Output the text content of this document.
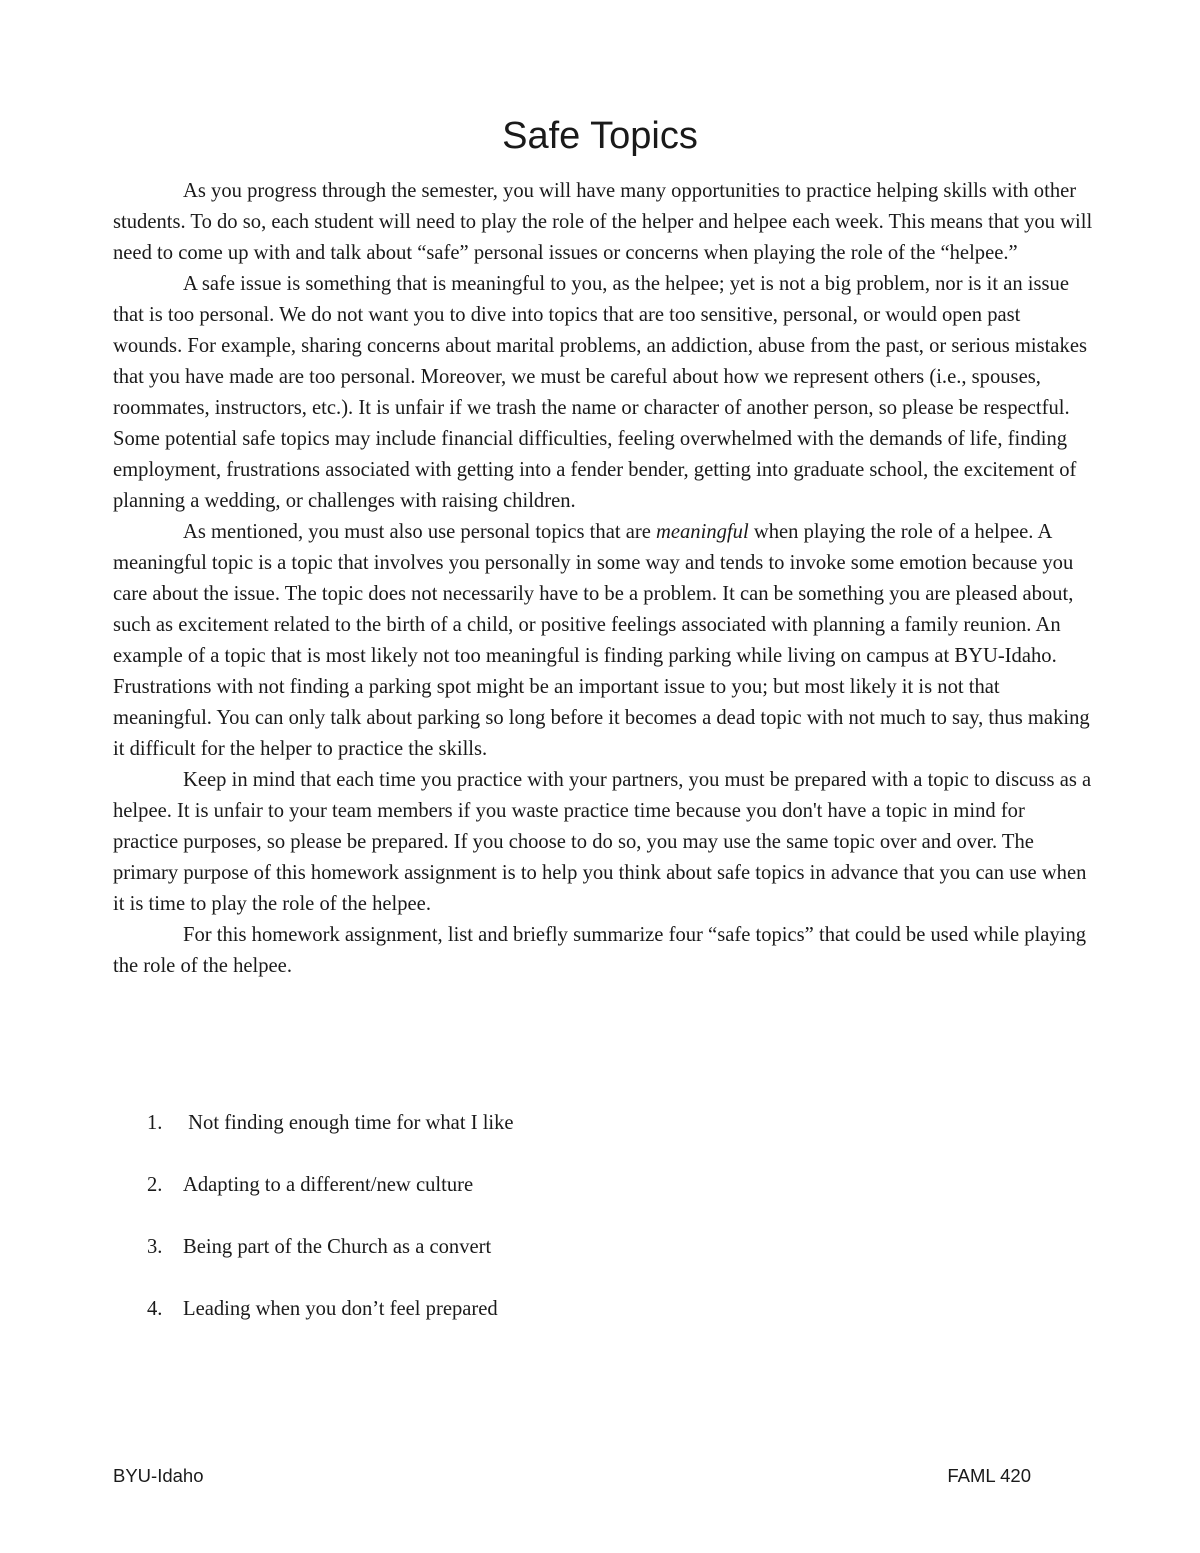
Safe Topics

As you progress through the semester, you will have many opportunities to practice helping skills with other students. To do so, each student will need to play the role of the helper and helpee each week. This means that you will need to come up with and talk about “safe” personal issues or concerns when playing the role of the “helpee.”

A safe issue is something that is meaningful to you, as the helpee; yet is not a big problem, nor is it an issue that is too personal. We do not want you to dive into topics that are too sensitive, personal, or would open past wounds. For example, sharing concerns about marital problems, an addiction, abuse from the past, or serious mistakes that you have made are too personal. Moreover, we must be careful about how we represent others (i.e., spouses, roommates, instructors, etc.). It is unfair if we trash the name or character of another person, so please be respectful. Some potential safe topics may include financial difficulties, feeling overwhelmed with the demands of life, finding employment, frustrations associated with getting into a fender bender, getting into graduate school, the excitement of planning a wedding, or challenges with raising children.

As mentioned, you must also use personal topics that are meaningful when playing the role of a helpee. A meaningful topic is a topic that involves you personally in some way and tends to invoke some emotion because you care about the issue. The topic does not necessarily have to be a problem. It can be something you are pleased about, such as excitement related to the birth of a child, or positive feelings associated with planning a family reunion. An example of a topic that is most likely not too meaningful is finding parking while living on campus at BYU-Idaho. Frustrations with not finding a parking spot might be an important issue to you; but most likely it is not that meaningful. You can only talk about parking so long before it becomes a dead topic with not much to say, thus making it difficult for the helper to practice the skills.

Keep in mind that each time you practice with your partners, you must be prepared with a topic to discuss as a helpee. It is unfair to your team members if you waste practice time because you don't have a topic in mind for practice purposes, so please be prepared. If you choose to do so, you may use the same topic over and over. The primary purpose of this homework assignment is to help you think about safe topics in advance that you can use when it is time to play the role of the helpee.

For this homework assignment, list and briefly summarize four “safe topics” that could be used while playing the role of the helpee.

1. Not finding enough time for what I like
2. Adapting to a different/new culture
3. Being part of the Church as a convert
4. Leading when you don’t feel prepared
BYU-Idaho	FAML 420
